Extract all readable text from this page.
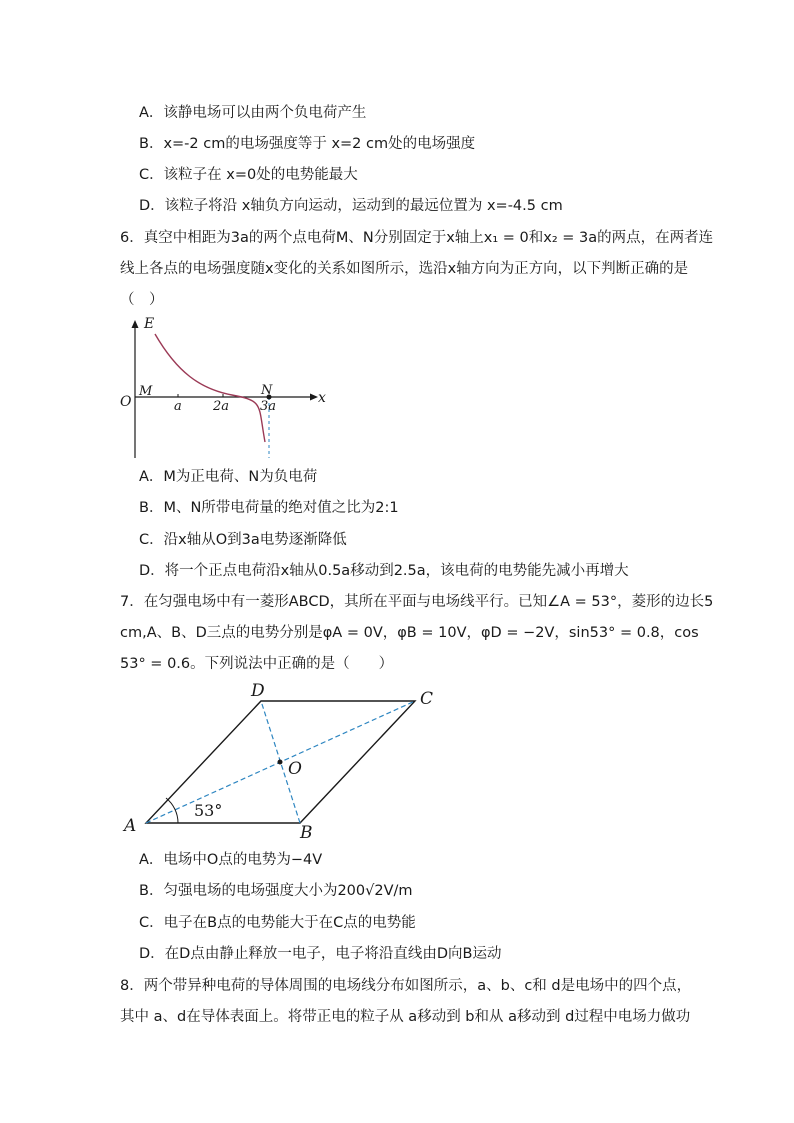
A．该静电场可以由两个负电荷产生
B．x=-2 cm的电场强度等于 x=2 cm处的电场强度
C．该粒子在 x=0处的电势能最大
D．该粒子将沿 x轴负方向运动，运动到的最远位置为 x=-4.5 cm
6．真空中相距为3a的两个点电荷M、N分别固定于x轴上x₁ = 0和x₂ = 3a的两点，在两者连
线上各点的电场强度随x变化的关系如图所示，选沿x轴方向为正方向，以下判断正确的是
（　）
E
O
M	N	x
a 2a 3a
A．M为正电荷、N为负电荷
B．M、N所带电荷量的绝对值之比为2:1
C．沿x轴从O到3a电势逐渐降低
D．将一个正点电荷沿x轴从0.5a移动到2.5a，该电荷的电势能先减小再增大
7．在匀强电场中有一菱形ABCD，其所在平面与电场线平行。已知∠A = 53°，菱形的边长5
cm,A、B、D三点的电势分别是φA = 0V，φB = 10V，φD = −2V，sin53° = 0.8，cos
53° = 0.6。下列说法中正确的是（　　）
A	B
C
D
O
53°
A．电场中O点的电势为−4V
B．匀强电场的电场强度大小为200√2V/m
C．电子在B点的电势能大于在C点的电势能
D．在D点由静止释放一电子，电子将沿直线由D向B运动
8．两个带异种电荷的导体周围的电场线分布如图所示，a、b、c和 d是电场中的四个点，
其中 a、d在导体表面上。将带正电的粒子从 a移动到 b和从 a移动到 d过程中电场力做功
